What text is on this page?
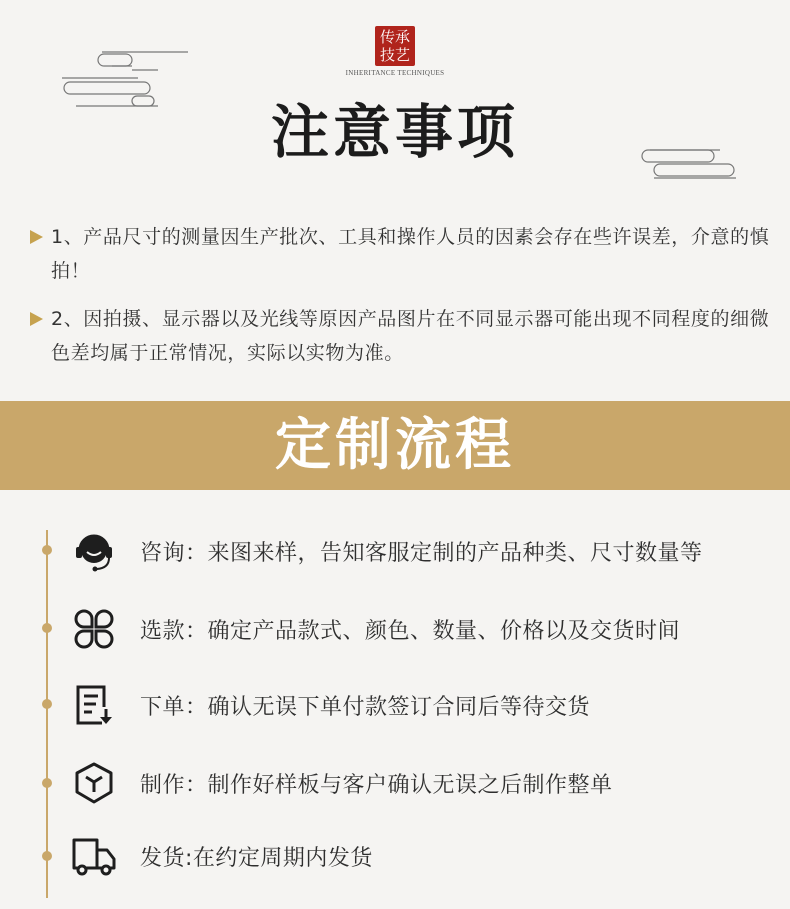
传承
技艺
INHERITANCE TECHNIQUES
注意事项
1、产品尺寸的测量因生产批次、工具和操作人员的因素会存在些许误差，介意的慎拍！
2、因拍摄、显示器以及光线等原因产品图片在不同显示器可能出现不同程度的细微色差均属于正常情况，实际以实物为准。
定制流程
咨询：来图来样，告知客服定制的产品种类、尺寸数量等
选款：确定产品款式、颜色、数量、价格以及交货时间
下单：确认无误下单付款签订合同后等待交货
制作：制作好样板与客户确认无误之后制作整单
发货:在约定周期内发货
